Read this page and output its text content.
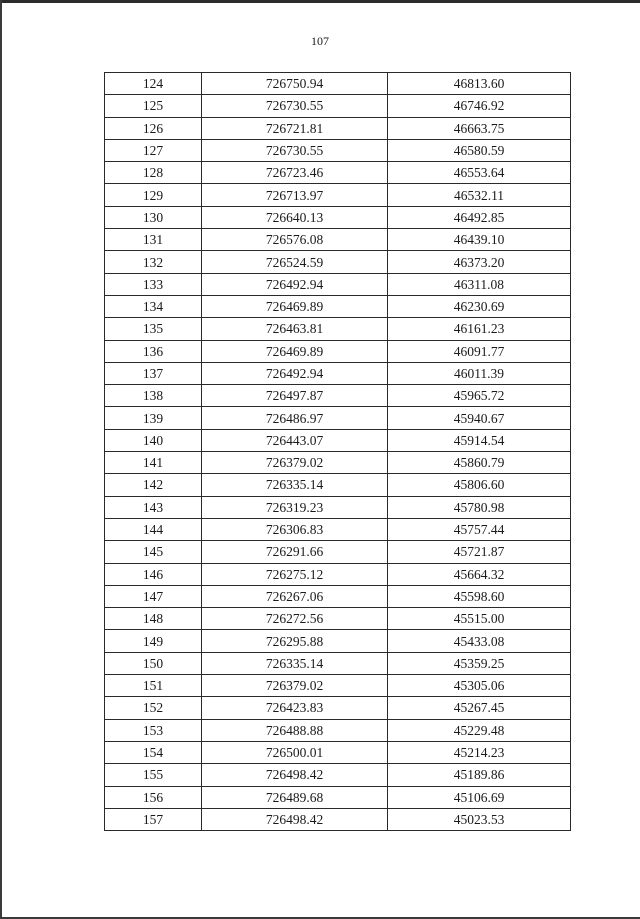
107
124	726750.94	46813.60
125	726730.55	46746.92
126	726721.81	46663.75
127	726730.55	46580.59
128	726723.46	46553.64
129	726713.97	46532.11
130	726640.13	46492.85
131	726576.08	46439.10
132	726524.59	46373.20
133	726492.94	46311.08
134	726469.89	46230.69
135	726463.81	46161.23
136	726469.89	46091.77
137	726492.94	46011.39
138	726497.87	45965.72
139	726486.97	45940.67
140	726443.07	45914.54
141	726379.02	45860.79
142	726335.14	45806.60
143	726319.23	45780.98
144	726306.83	45757.44
145	726291.66	45721.87
146	726275.12	45664.32
147	726267.06	45598.60
148	726272.56	45515.00
149	726295.88	45433.08
150	726335.14	45359.25
151	726379.02	45305.06
152	726423.83	45267.45
153	726488.88	45229.48
154	726500.01	45214.23
155	726498.42	45189.86
156	726489.68	45106.69
157	726498.42	45023.53
